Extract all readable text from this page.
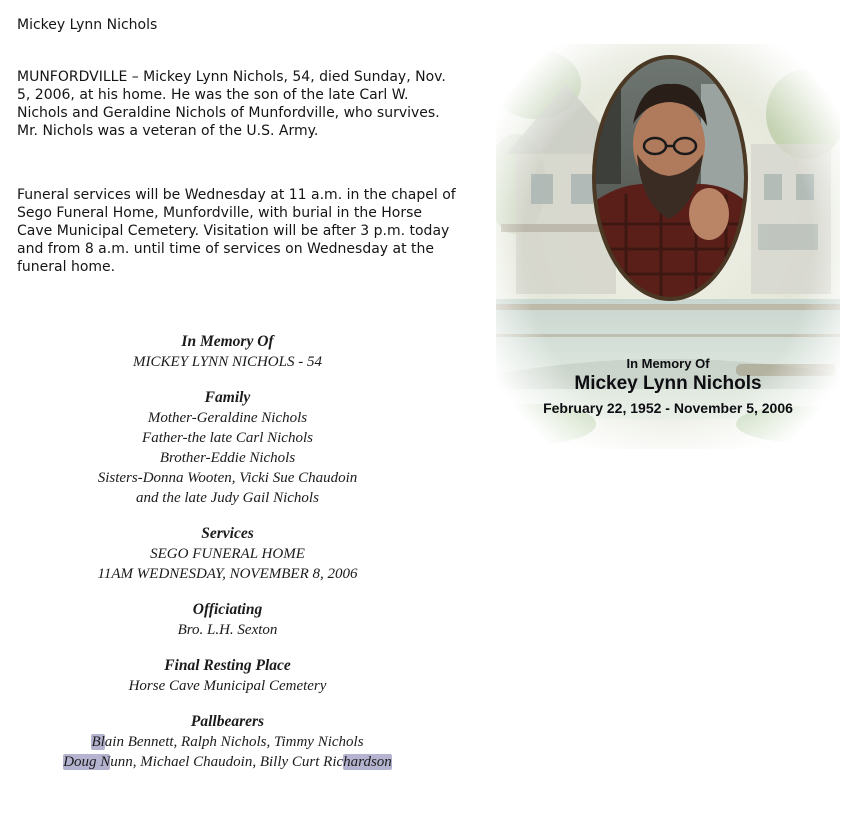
Mickey Lynn Nichols

MUNFORDVILLE – Mickey Lynn Nichols, 54, died Sunday, Nov. 5, 2006, at his home. He was the son of the late Carl W. Nichols and Geraldine Nichols of Munfordville, who survives. Mr. Nichols was a veteran of the U.S. Army.

Funeral services will be Wednesday at 11 a.m. in the chapel of Sego Funeral Home, Munfordville, with burial in the Horse Cave Municipal Cemetery. Visitation will be after 3 p.m. today and from 8 a.m. until time of services on Wednesday at the funeral home.

In Memory Of
MICKEY LYNN NICHOLS - 54
Family
Mother-Geraldine Nichols
Father-the late Carl Nichols
Brother-Eddie Nichols
Sisters-Donna Wooten, Vicki Sue Chaudoin
and the late Judy Gail Nichols
Services
SEGO FUNERAL HOME
11AM WEDNESDAY, NOVEMBER 8, 2006
Officiating
Bro. L.H. Sexton
Final Resting Place
Horse Cave Municipal Cemetery
Pallbearers
Blain Bennett, Ralph Nichols, Timmy Nichols
Doug Nunn, Michael Chaudoin, Billy Curt Richardson
In Memory Of
Mickey Lynn Nichols
February 22, 1952 - November 5, 2006
